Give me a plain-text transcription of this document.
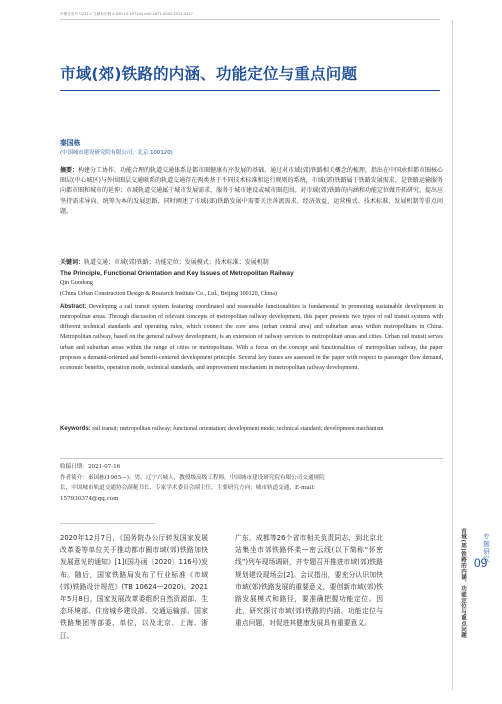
中图分类号 U231.1 文献标识码 A DOI 10.19714/j.cnki.1671-6342.2021.0417
市域(郊)铁路的内涵、功能定位与重点问题
秦国栋
(中国城市建设研究院有限公司，北京 100120)
摘要：构建分工协作、功能合理的轨道交通体系是都市圈健康有序发展的基础。通过对市域(郊)铁路相关概念的梳理，指出在中国承担都市圈核心圈层(中心城区)与外围圈层交通联系的轨道交通存在两类基于不同技术标准和运行规则的系统，市域(郊)铁路属于铁路发展需求，是铁路运输服务向都市圈和城市的延伸；市域轨道交通属于城市发展需求，服务于城市建设或城市圈范围。对市域(郊)铁路的内涵和功能定位做开拓研究，提出应坚持需求导向、统筹为本的发展思路，同时阐述了市域(郊)铁路发展中需要关注各流需求、经济效益、运营模式、技术标准、发展机制等重点问题。
关键词：轨道交通；市域(郊)铁路；功能定位；发展模式；技术标准；发展机制
The Principle, Functional Orientation and Key Issues of Metropolitan Railway
Qin Guodong
(China Urban Construction Design & Research Institute Co., Ltd., Beijing 100120, China)
Abstract: Developing a rail transit system featuring coordinated and reasonable functionalities is fundamental in promoting sustainable development in metropolitan areas. Through discussion of relevant concepts of metropolitan railway development, this paper presents two types of rail transit systems with different technical standards and operating rules, which connect the core area (urban central area) and suburban areas within metropolitans in China. Metropolitan railway, based on the general railway development, is an extension of railway services to metropolitan areas and cities. Urban rail transit serves urban and suburban areas within the range of cities or metropolitans. With a focus on the concept and functionalities of metropolitan railway, the paper proposes a demand-oriented and benefit-centered development principle. Several key issues are assessed in the paper with respect to passenger flow demand, economic benefits, operation mode, technical standards, and improvement mechanism in metropolitan railway development.
Keywords: rail transit; metropolitan railway; functional orientation; development mode; technical standard; development mechanism
收稿日期：2021-07-16
作者简介：秦国栋(1965—)，男，辽宁兴城人，教授级高级工程师，中国城市建设研究院有限公司交通规院长，中国城市轨道交通协会副秘书长、专家学术委员会副主任，主要研究方向：城市轨道交通，E-mail: 157930374@qq.com
2020年12月7日，《国务院办公厅转发国家发展改革委等单位关于推动都市圈市域(郊)铁路加快发展意见的通知》[1](国办函〔2020〕116号)发布。随后，国家铁路局发布了行业标准《市域(郊)铁路设计规范》(TB 10624—2020)。2021年5月8日，国家发展改革委组织自然资源部、生态环境部、住房城乡建设部、交通运输部、国家铁路集团等部委、单位，以及北京、上海、浙江、
广东、成都等26个省市相关负责同志，到北京北站集坐市郊铁路怀柔—密云线(以下简称“怀密线”)列车现场调研，并专题召开推进市域(郊)铁路规划建设现场会[2]。会议指出，要充分认识加快市域(郊)铁路发展的重要意义，要创新市域(郊)铁路发展模式和路径，要准确把握功能定位。因此，研究探讨市域(郊)铁路的内涵、功能定位与重点问题，对促进其健康发展具有重要意义。	市域(郊)铁路的内涵、功能定位与重点问题	专题研究
09
